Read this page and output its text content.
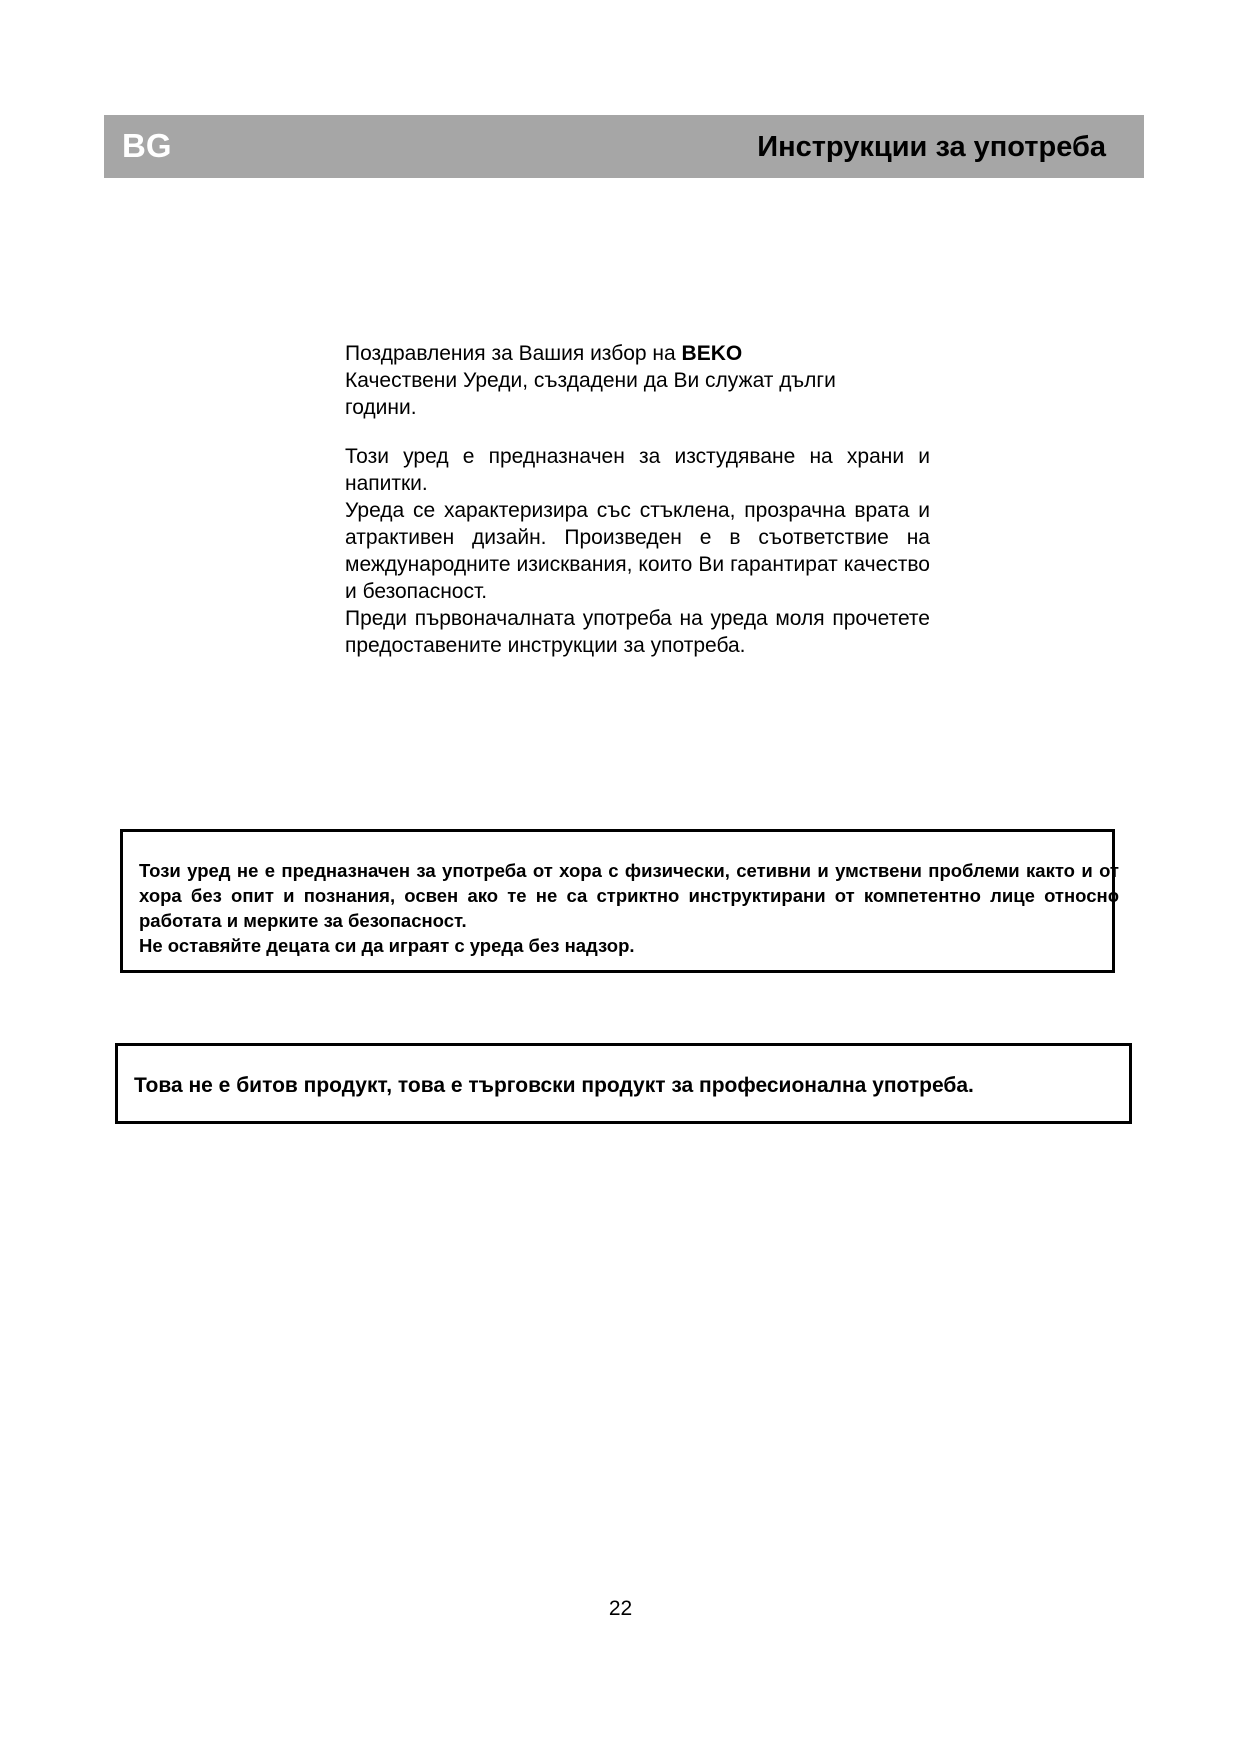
BG	Инструкции за употреба

Поздравления за Вашия избор на BEKO
Качествени Уреди, създадени да Ви служат дълги години.

Този уред е предназначен за изстудяване на храни и напитки.

Уреда се характеризира със стъклена, прозрачна врата и атрактивен дизайн. Произведен е в съответствие на международните изисквания, които Ви гарантират качество и безопасност.

Преди първоначалната употреба на уреда моля прочетете предоставените инструкции за употреба.

Този уред не е предназначен за употреба от хора с физически, сетивни и умствени проблеми както и от хора без опит и познания, освен ако те не са стриктно инструктирани от компетентно лице относно работата и мерките за безопасност.

Не оставяйте децата си да играят с уреда без надзор.

Това не е битов продукт, това е търговски продукт за професионална употреба.
22
